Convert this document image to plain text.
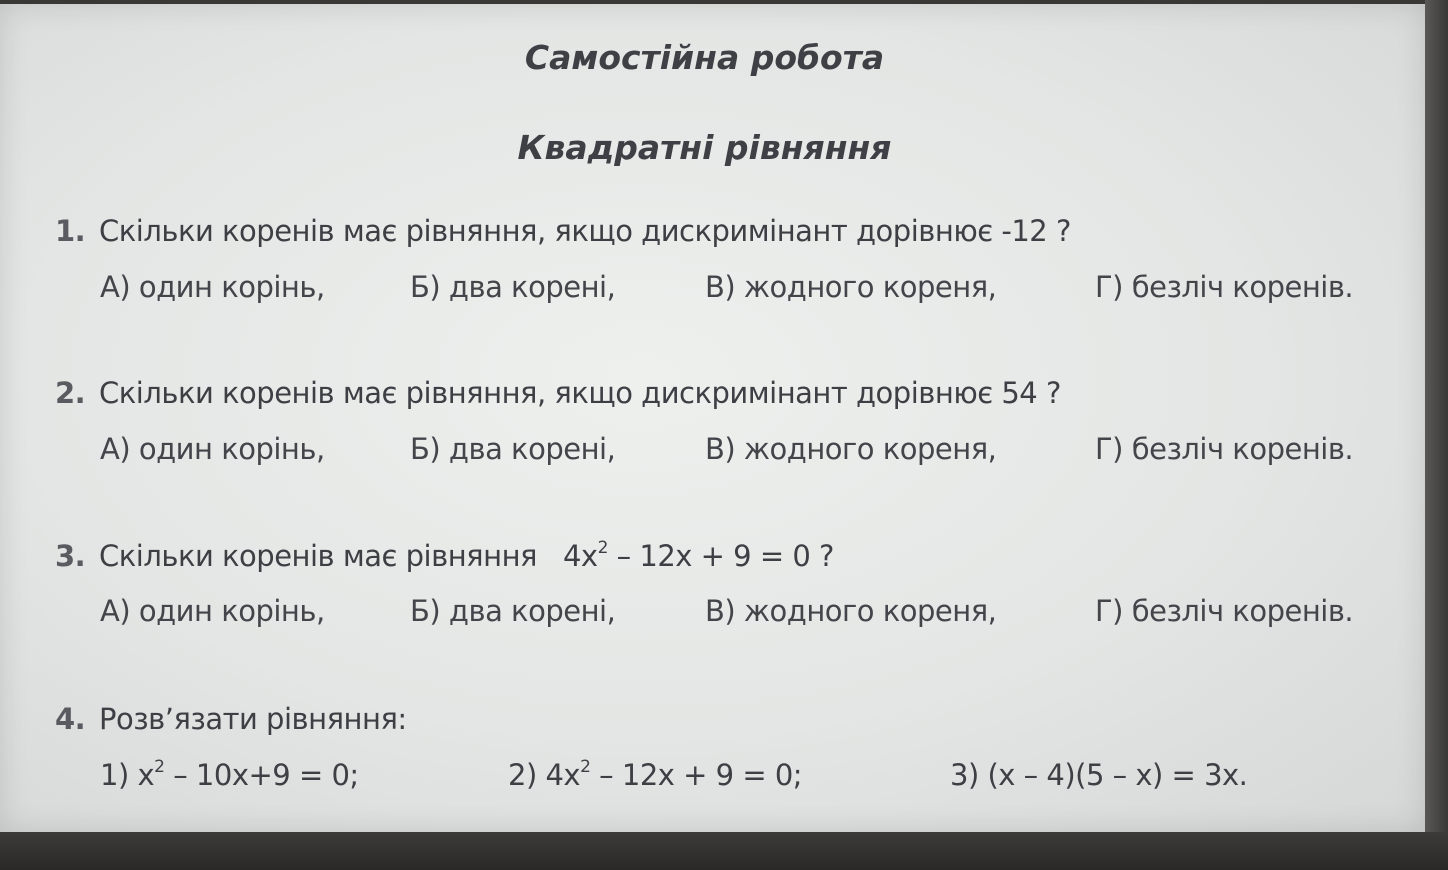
Самостійна робота
Квадратні рівняння
1. Скільки коренів має рівняння, якщо дискримінант дорівнює -12 ?
А) один корінь,	Б) два корені,	В) жодного кореня,	Г) безліч коренів.
2. Скільки коренів має рівняння, якщо дискримінант дорівнює 54 ?
А) один корінь,	Б) два корені,	В) жодного кореня,	Г) безліч коренів.
3. Скільки коренів має рівняння $4x^2 - 12x + 9 = 0$ ?
А) один корінь,	Б) два корені,	В) жодного кореня,	Г) безліч коренів.
4. Розв’язати рівняння:
1) $x^2 - 10x+9 = 0$;	2) $4x^2 - 12x + 9 = 0$;	3) (x – 4)(5 – x) = 3x.
